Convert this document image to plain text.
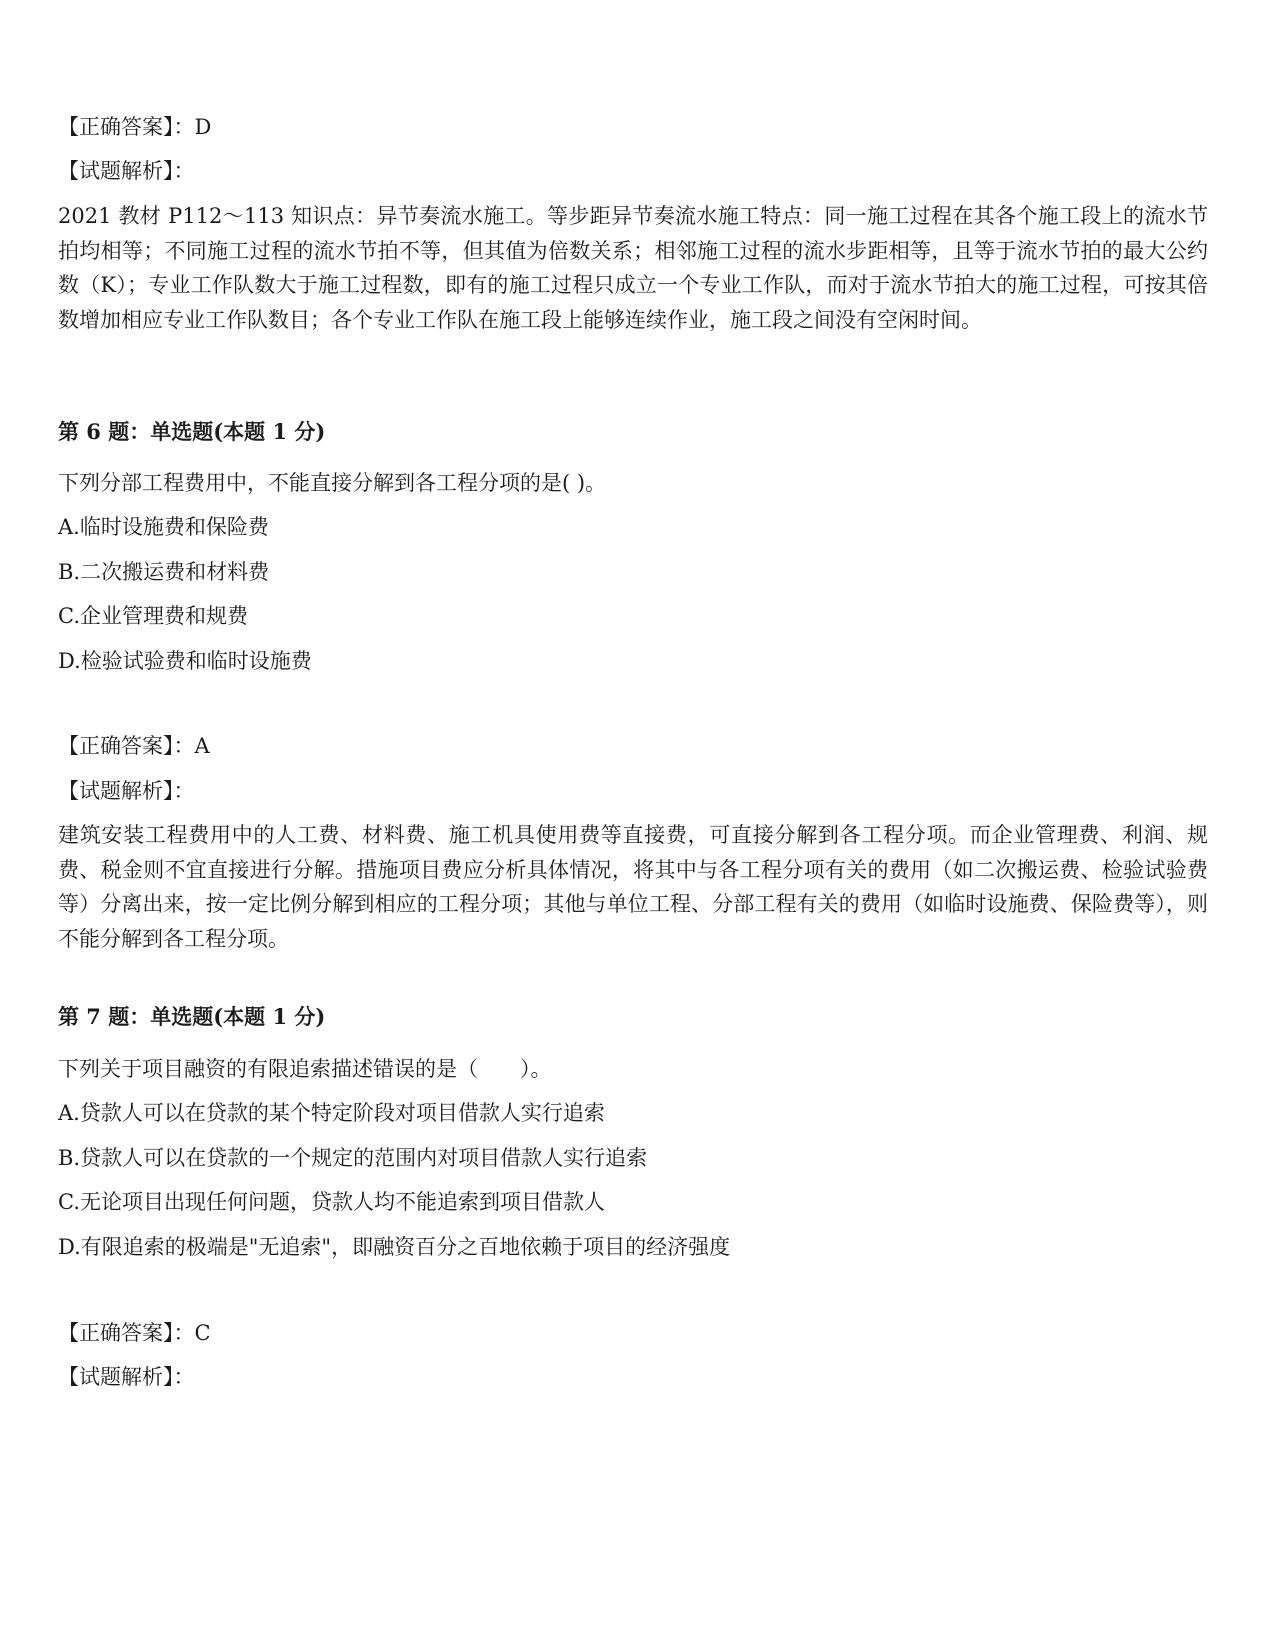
【正确答案】：D
【试题解析】：
2021 教材 P112～113 知识点：异节奏流水施工。等步距异节奏流水施工特点：同一施工过程在其各个施工段上的流水节拍均相等；不同施工过程的流水节拍不等，但其值为倍数关系；相邻施工过程的流水步距相等，且等于流水节拍的最大公约数（K）；专业工作队数大于施工过程数，即有的施工过程只成立一个专业工作队，而对于流水节拍大的施工过程，可按其倍数增加相应专业工作队数目；各个专业工作队在施工段上能够连续作业，施工段之间没有空闲时间。
第 6 题：单选题(本题 1 分)
下列分部工程费用中，不能直接分解到各工程分项的是( )。
A.临时设施费和保险费
B.二次搬运费和材料费
C.企业管理费和规费
D.检验试验费和临时设施费
【正确答案】：A
【试题解析】：
建筑安装工程费用中的人工费、材料费、施工机具使用费等直接费，可直接分解到各工程分项。而企业管理费、利润、规费、税金则不宜直接进行分解。措施项目费应分析具体情况，将其中与各工程分项有关的费用（如二次搬运费、检验试验费等）分离出来，按一定比例分解到相应的工程分项；其他与单位工程、分部工程有关的费用（如临时设施费、保险费等），则不能分解到各工程分项。
第 7 题：单选题(本题 1 分)
下列关于项目融资的有限追索描述错误的是（　　）。
A.贷款人可以在贷款的某个特定阶段对项目借款人实行追索
B.贷款人可以在贷款的一个规定的范围内对项目借款人实行追索
C.无论项目出现任何问题，贷款人均不能追索到项目借款人
D.有限追索的极端是"无追索"，即融资百分之百地依赖于项目的经济强度
【正确答案】：C
【试题解析】：
